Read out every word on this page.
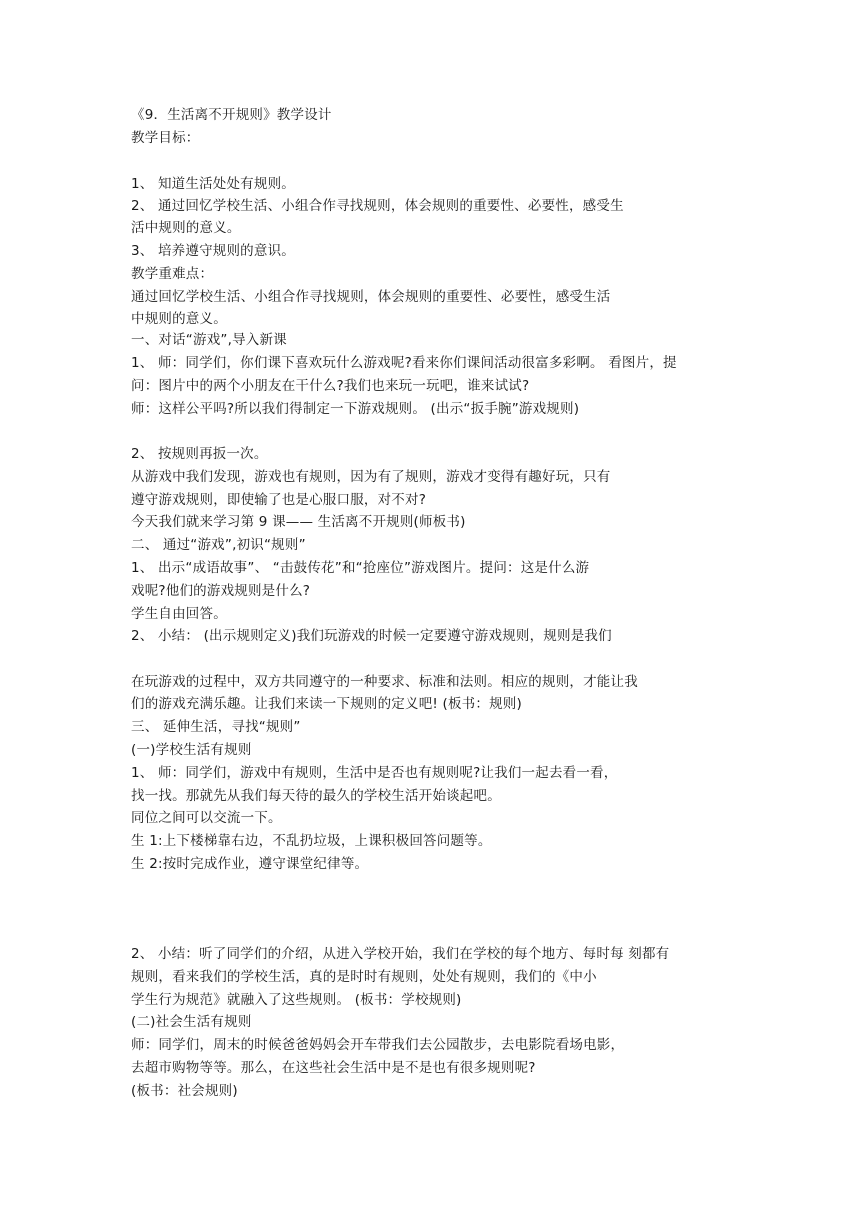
《9．生活离不开规则》教学设计
教学目标：
1、 知道生活处处有规则。
2、 通过回忆学校生活、小组合作寻找规则，体会规则的重要性、必要性，感受生
活中规则的意义。
3、 培养遵守规则的意识。
教学重难点：
通过回忆学校生活、小组合作寻找规则，体会规则的重要性、必要性，感受生活
中规则的意义。
一、对话“游戏”,导入新课
1、 师：同学们，你们课下喜欢玩什么游戏呢?看来你们课间活动很富多彩啊。 看图片，提
问：图片中的两个小朋友在干什么?我们也来玩一玩吧，谁来试试?
师：这样公平吗?所以我们得制定一下游戏规则。 (出示“扳手腕”游戏规则)
2、 按规则再扳一次。
从游戏中我们发现，游戏也有规则，因为有了规则，游戏才变得有趣好玩，只有
遵守游戏规则，即使输了也是心服口服，对不对?
今天我们就来学习第 9 课—— 生活离不开规则(师板书)
二、 通过“游戏”,初识“规则”
1、 出示“成语故事”、 “击鼓传花”和“抢座位”游戏图片。提问：这是什么游
戏呢?他们的游戏规则是什么?
学生自由回答。
2、 小结： (出示规则定义)我们玩游戏的时候一定要遵守游戏规则，规则是我们
在玩游戏的过程中，双方共同遵守的一种要求、标准和法则。相应的规则，才能让我
们的游戏充满乐趣。让我们来读一下规则的定义吧! (板书：规则)
三、 延伸生活，寻找“规则”
(一)学校生活有规则
1、 师：同学们，游戏中有规则，生活中是否也有规则呢?让我们一起去看一看，
找一找。那就先从我们每天待的最久的学校生活开始谈起吧。
同位之间可以交流一下。
生 1:上下楼梯靠右边，不乱扔垃圾，上课积极回答问题等。
生 2:按时完成作业，遵守课堂纪律等。
2、 小结：听了同学们的介绍，从进入学校开始，我们在学校的每个地方、每时每 刻都有
规则，看来我们的学校生活，真的是时时有规则，处处有规则，我们的《中小
学生行为规范》就融入了这些规则。 (板书：学校规则)
(二)社会生活有规则
师：同学们，周末的时候爸爸妈妈会开车带我们去公园散步，去电影院看场电影，
去超市购物等等。那么，在这些社会生活中是不是也有很多规则呢?
(板书：社会规则)
